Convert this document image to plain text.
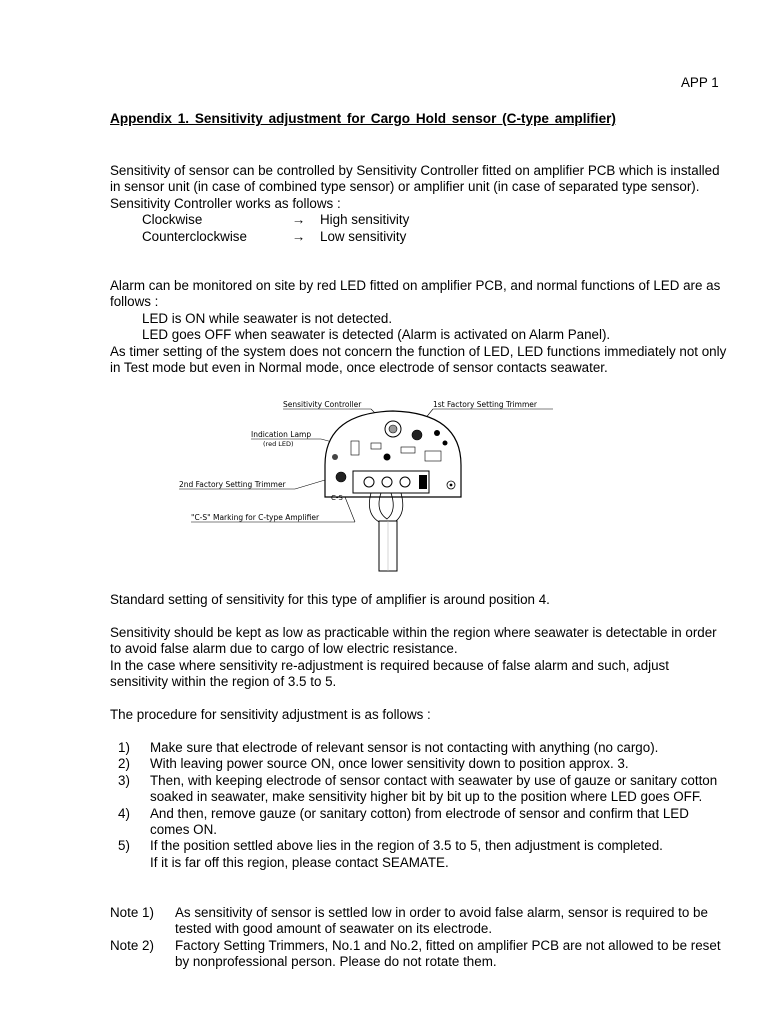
APP 1
Appendix 1. Sensitivity adjustment for Cargo Hold sensor (C-type amplifier)

Sensitivity of sensor can be controlled by Sensitivity Controller fitted on amplifier PCB which is installed in sensor unit (in case of combined type sensor) or amplifier unit (in case of separated type sensor).

Sensitivity Controller works as follows :

Clockwise	→	High sensitivity
Counterclockwise	→	Low sensitivity

Alarm can be monitored on site by red LED fitted on amplifier PCB, and normal functions of LED are as follows :

LED is ON while seawater is not detected.

LED goes OFF when seawater is detected (Alarm is activated on Alarm Panel).

As timer setting of the system does not concern the function of LED, LED functions immediately not only in Test mode but even in Normal mode, once electrode of sensor contacts seawater.

Sensitivity Controller	1st Factory Setting Trimmer
Indication Lamp
(red LED)
2nd Factory Setting Trimmer
"C-S" Marking for C-type Amplifier
C-S

Standard setting of sensitivity for this type of amplifier is around position 4.

Sensitivity should be kept as low as practicable within the region where seawater is detectable in order to avoid false alarm due to cargo of low electric resistance.

In the case where sensitivity re-adjustment is required because of false alarm and such, adjust sensitivity within the region of 3.5 to 5.

The procedure for sensitivity adjustment is as follows :

1)	Make sure that electrode of relevant sensor is not contacting with anything (no cargo).
2)	With leaving power source ON, once lower sensitivity down to position approx. 3.
3)	Then, with keeping electrode of sensor contact with seawater by use of gauze or sanitary cotton soaked in seawater, make sensitivity higher bit by bit up to the position where LED goes OFF.
4)	And then, remove gauze (or sanitary cotton) from electrode of sensor and confirm that LED comes ON.
5)	If the position settled above lies in the region of 3.5 to 5, then adjustment is completed.
If it is far off this region, please contact SEAMATE.
Note 1)	As sensitivity of sensor is settled low in order to avoid false alarm, sensor is required to be tested with good amount of seawater on its electrode.
Note 2)	Factory Setting Trimmers, No.1 and No.2, fitted on amplifier PCB are not allowed to be reset by nonprofessional person. Please do not rotate them.
